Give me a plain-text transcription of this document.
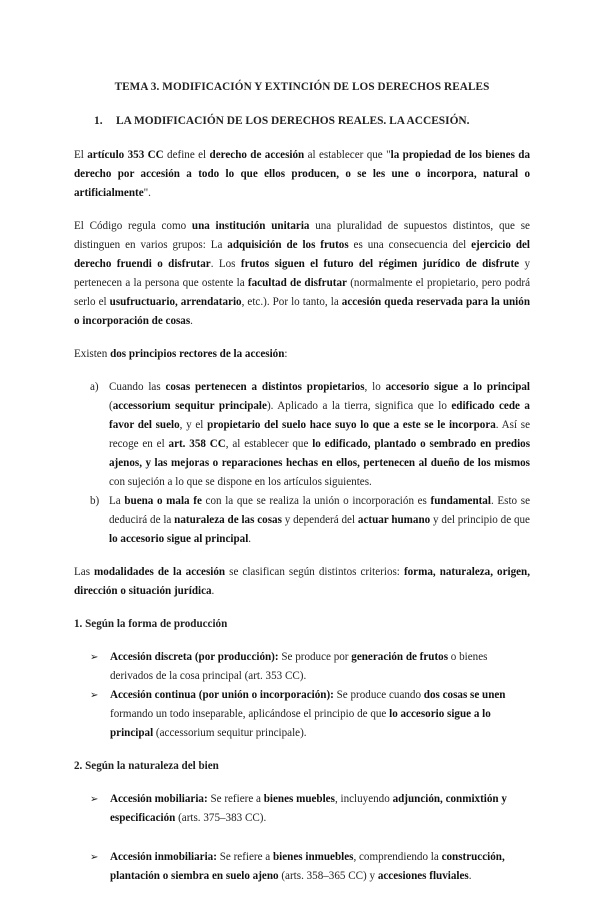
TEMA 3. MODIFICACIÓN Y EXTINCIÓN DE LOS DERECHOS REALES
1. LA MODIFICACIÓN DE LOS DERECHOS REALES. LA ACCESIÓN.

El artículo 353 CC define el derecho de accesión al establecer que "la propiedad de los bienes da derecho por accesión a todo lo que ellos producen, o se les une o incorpora, natural o artificialmente".

El Código regula como una institución unitaria una pluralidad de supuestos distintos, que se distinguen en varios grupos: La adquisición de los frutos es una consecuencia del ejercicio del derecho fruendi o disfrutar. Los frutos siguen el futuro del régimen jurídico de disfrute y pertenecen a la persona que ostente la facultad de disfrutar (normalmente el propietario, pero podrá serlo el usufructuario, arrendatario, etc.). Por lo tanto, la accesión queda reservada para la unión o incorporación de cosas.

Existen dos principios rectores de la accesión:

a) Cuando las cosas pertenecen a distintos propietarios, lo accesorio sigue a lo principal (accessorium sequitur principale). Aplicado a la tierra, significa que lo edificado cede a favor del suelo, y el propietario del suelo hace suyo lo que a este se le incorpora. Así se recoge en el art. 358 CC, al establecer que lo edificado, plantado o sembrado en predios ajenos, y las mejoras o reparaciones hechas en ellos, pertenecen al dueño de los mismos con sujeción a lo que se dispone en los artículos siguientes.
b) La buena o mala fe con la que se realiza la unión o incorporación es fundamental. Esto se deducirá de la naturaleza de las cosas y dependerá del actuar humano y del principio de que lo accesorio sigue al principal.

Las modalidades de la accesión se clasifican según distintos criterios: forma, naturaleza, origen, dirección o situación jurídica.

1. Según la forma de producción
➢ Accesión discreta (por producción): Se produce por generación de frutos o bienes derivados de la cosa principal (art. 353 CC).
➢ Accesión continua (por unión o incorporación): Se produce cuando dos cosas se unen formando un todo inseparable, aplicándose el principio de que lo accesorio sigue a lo principal (accessorium sequitur principale).
2. Según la naturaleza del bien
➢ Accesión mobiliaria: Se refiere a bienes muebles, incluyendo adjunción, conmixtión y especificación (arts. 375–383 CC).
➢ Accesión inmobiliaria: Se refiere a bienes inmuebles, comprendiendo la construcción, plantación o siembra en suelo ajeno (arts. 358–365 CC) y accesiones fluviales.
